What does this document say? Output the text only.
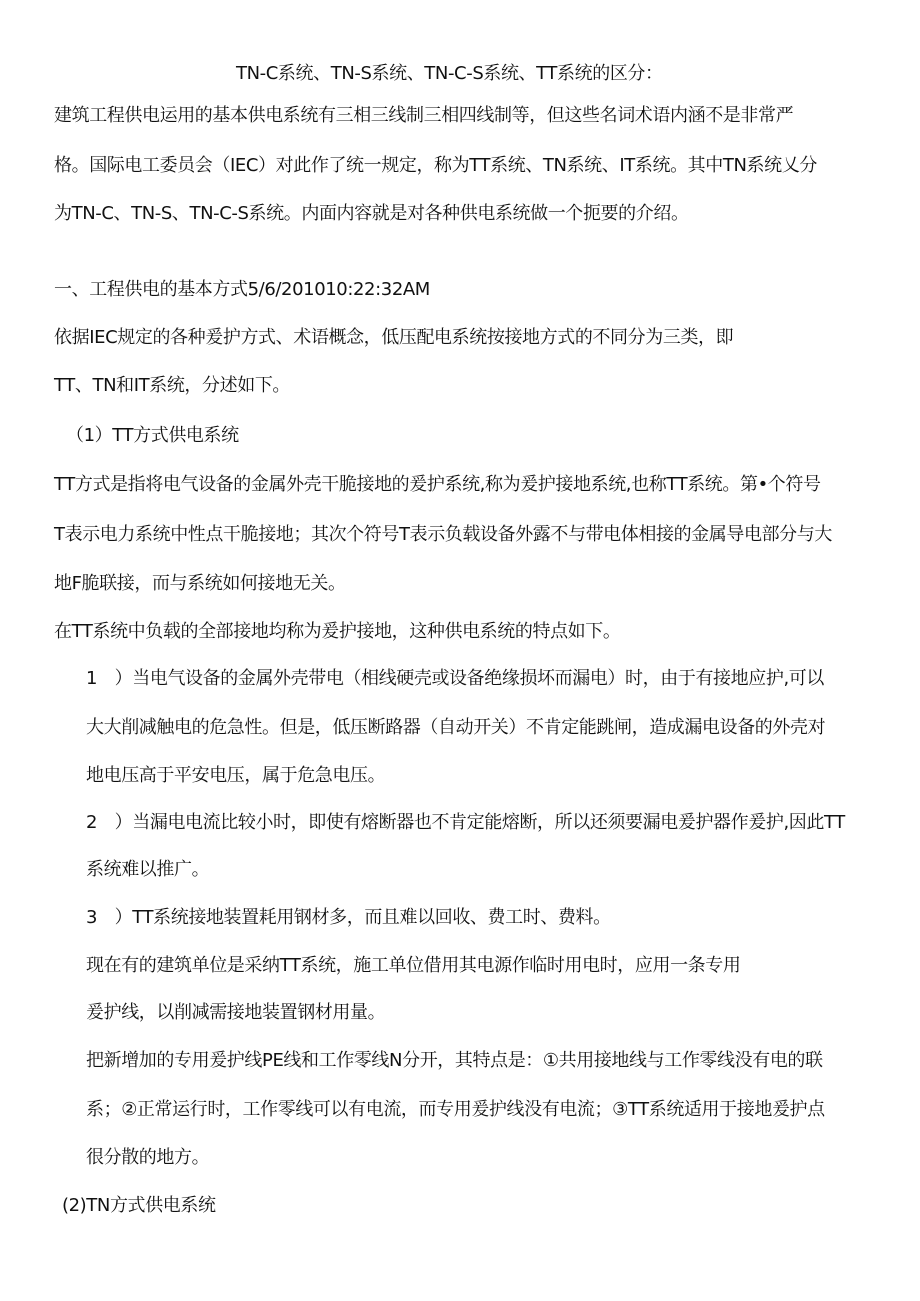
TN-C系统、TN-S系统、TN-C-S系统、TT系统的区分：
建筑工程供电运用的基本供电系统有三相三线制三相四线制等，但这些名词术语内涵不是非常严
格。国际电工委员会（IEC）对此作了统一规定，称为TT系统、TN系统、IT系统。其中TN系统乂分
为TN-C、TN-S、TN-C-S系统。内面内容就是对各种供电系统做一个扼要的介绍。
一、工程供电的基本方式5/6/201010:22:32AM
依据IEC规定的各种爰护方式、术语概念，低压配电系统按接地方式的不同分为三类，即
TT、TN和IT系统，分述如下。
（1）TT方式供电系统
TT方式是指将电气设备的金属外壳干脆接地的爰护系统,称为爰护接地系统,也称TT系统。第•个符号
T表示电力系统中性点干脆接地；其次个符号T表示负载设备外露不与带电体相接的金属导电部分与大
地F脆联接，而与系统如何接地无关。
在TT系统中负载的全部接地均称为爰护接地，这种供电系统的特点如下。
1　）当电气设备的金属外壳带电（相线硬壳或设备绝缘损坏而漏电）时，由于有接地应护,可以
大大削减触电的危急性。但是，低压断路器（自动开关）不肯定能跳闸，造成漏电设备的外壳对
地电压高于平安电压，属于危急电压。
2　）当漏电电流比较小时，即使有熔断器也不肯定能熔断，所以还须要漏电爰护器作爰护,因此TT
系统难以推广。
3　）TT系统接地装置耗用钢材多，而且难以回收、费工时、费料。
现在有的建筑单位是采纳TT系统，施工单位借用其电源作临时用电时，应用一条专用
爰护线，以削减需接地装置钢材用量。
把新增加的专用爰护线PE线和工作零线N分开，其特点是：①共用接地线与工作零线没有电的联
系；②正常运行时，工作零线可以有电流，而专用爰护线没有电流；③TT系统适用于接地爰护点
很分散的地方。
(2)TN方式供电系统
